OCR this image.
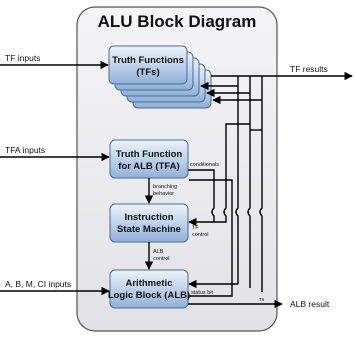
ALU Block Diagram
Truth Functions
(TFs)
Truth Function
for ALB (TFA)
Instruction
State Machine
Arithmetic
Logic Block (ALB)
TF inputs
TFA inputs
A, B, M, CI inputs
TF results
conditionals
branching
behavior
ALB
control
TF
control
status bit
T6	ALB result
